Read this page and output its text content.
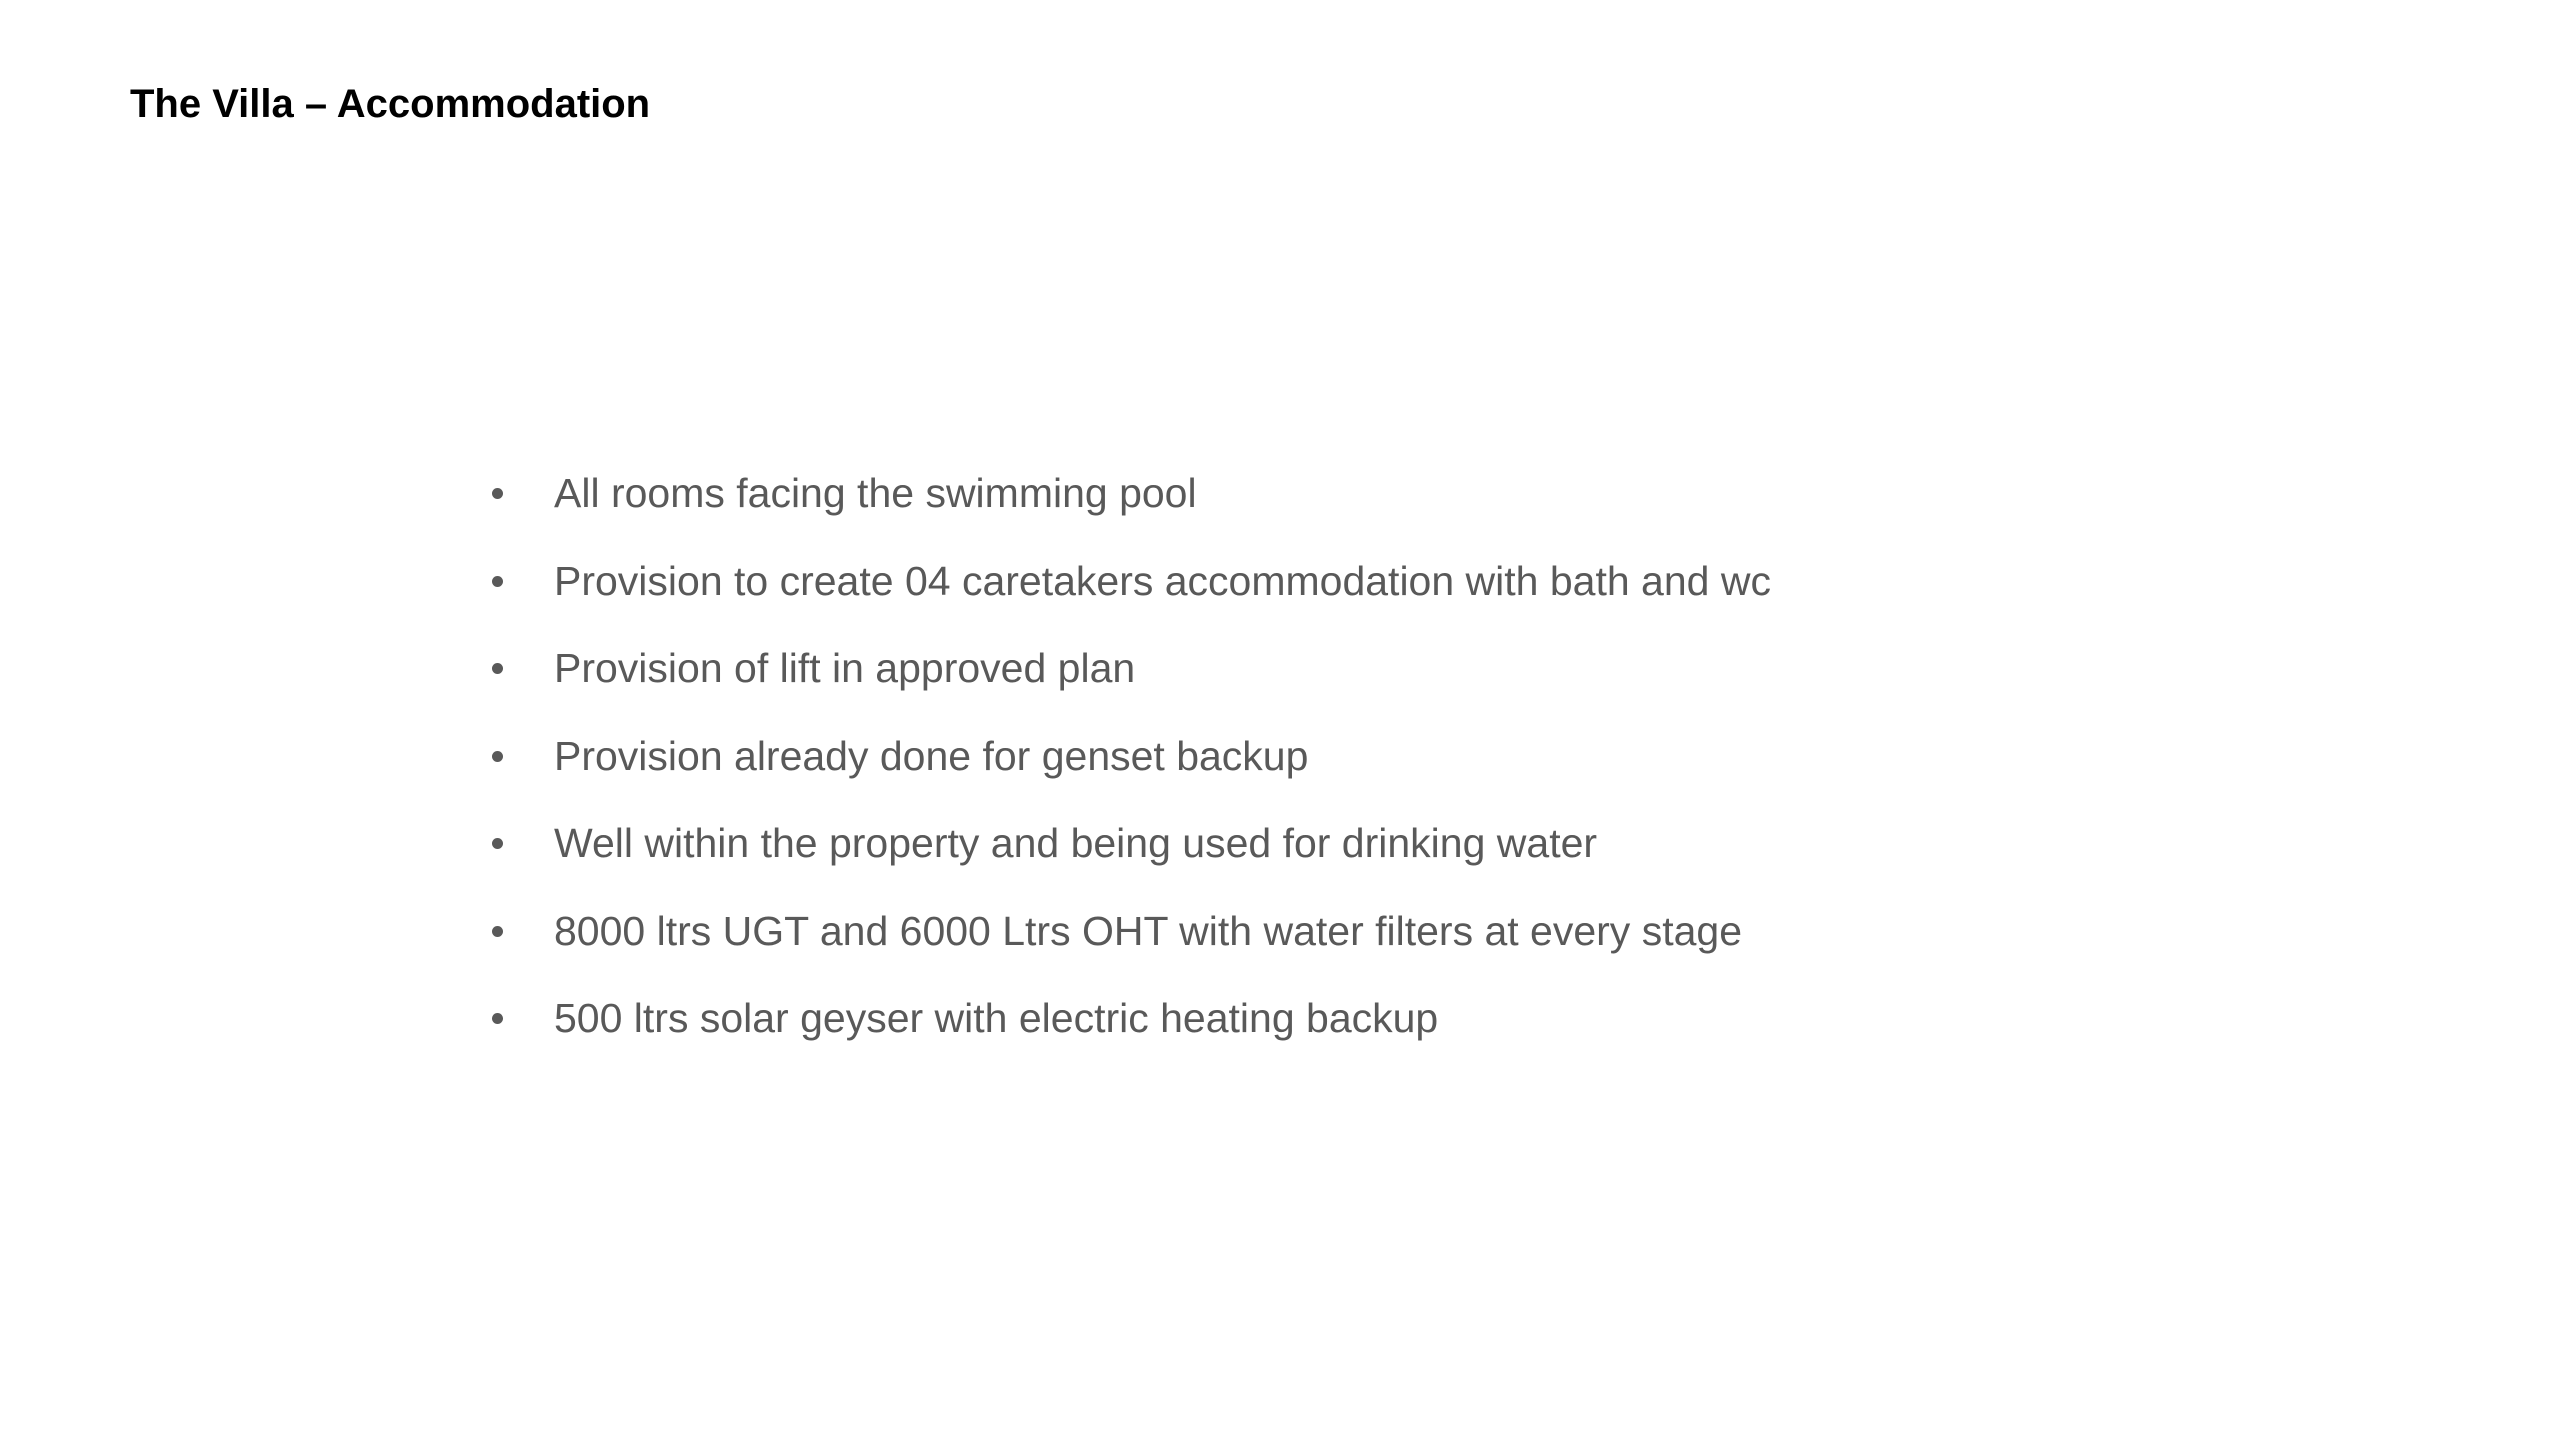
The Villa – Accommodation
All rooms facing the swimming pool
Provision to create 04 caretakers accommodation with bath and wc
Provision of lift in approved plan
Provision already done for genset backup
Well within the property and being used for drinking water
8000 ltrs UGT and 6000 Ltrs OHT with water filters at every stage
500 ltrs solar geyser with electric heating backup
